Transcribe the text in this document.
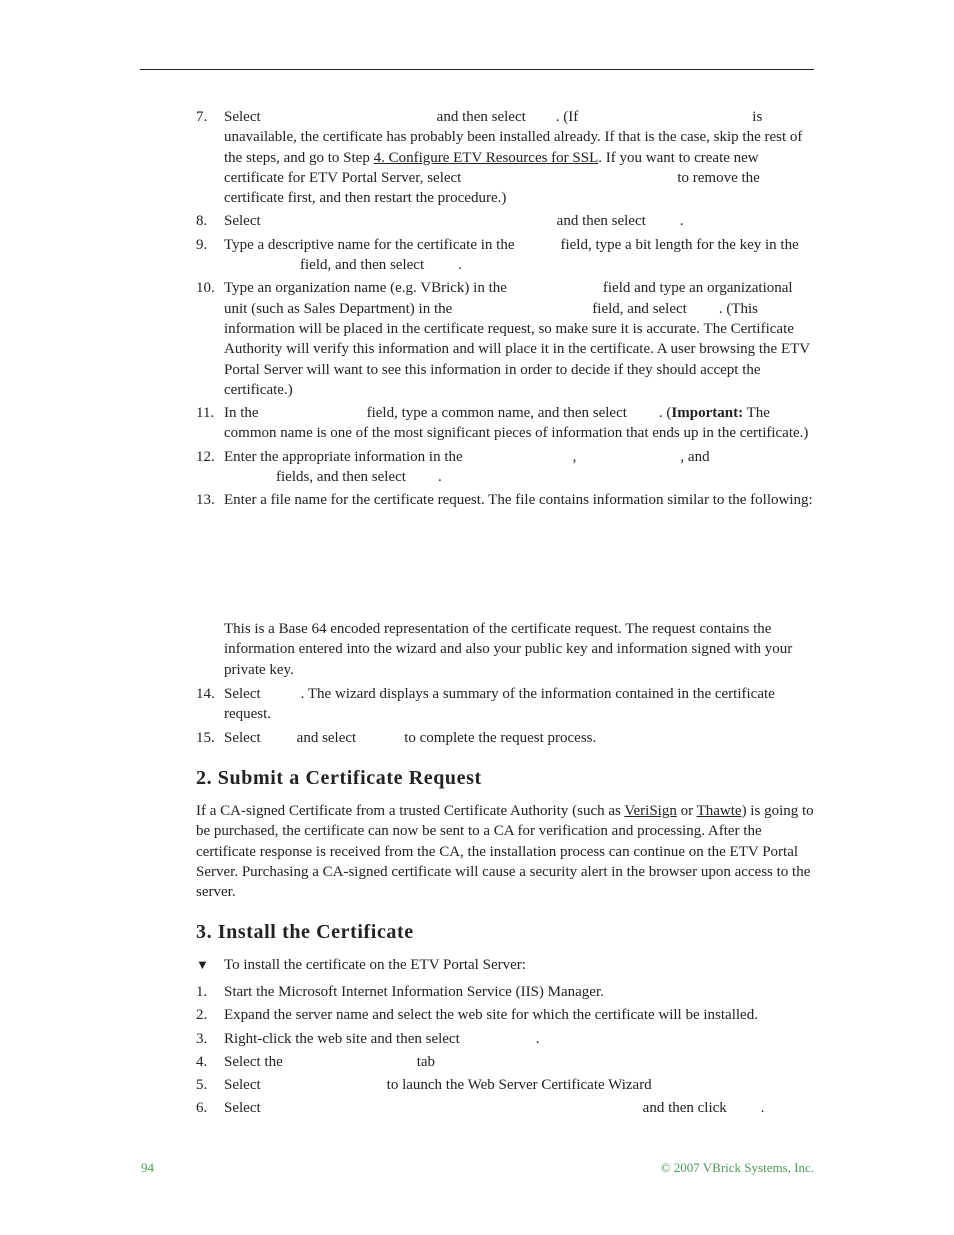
7. Select	and then select . (If	is unavailable, the certificate has probably been installed already. If that is the case, skip the rest of the steps, and go to Step 4. Configure ETV Resources for SSL. If you want to create new certificate for ETV Portal Server, select	to remove the certificate first, and then restart the procedure.)
8. Select	and then select .
9. Type a descriptive name for the certificate in the	field, type a bit length for the key in thefield, and then select .
10. Type an organization name (e.g. VBrick) in the	field and type an organizational unit (such as Sales Department) in the	field, and select . (This information will be placed in the certificate request, so make sure it is accurate. The Certificate Authority will verify this information and will place it in the certificate. A user browsing the ETV Portal Server will want to see this information in order to decide if they should accept the certificate.)
11. In the	field, type a common name, and then select . (Important: The common name is one of the most significant pieces of information that ends up in the certificate.)
12. Enter the appropriate information in the	,	, and
fields, and then select .
13. Enter a file name for the certificate request. The file contains information similar to the following:

This is a Base 64 encoded representation of the certificate request. The request contains the information entered into the wizard and also your public key and information signed with your private key.

14. Select	. The wizard displays a summary of the information contained in the certificate request.
15. Select and select	to complete the request process.
2. Submit a Certificate Request

If a CA-signed Certificate from a trusted Certificate Authority (such as VeriSign or Thawte) is going to be purchased, the certificate can now be sent to a CA for verification and processing. After the certificate response is received from the CA, the installation process can continue on the ETV Portal Server. Purchasing a CA-signed certificate will cause a security alert in the browser upon access to the server.

3. Install the Certificate
▼ To install the certificate on the ETV Portal Server:
1. Start the Microsoft Internet Information Service (IIS) Manager.
2. Expand the server name and select the web site for which the certificate will be installed.
3. Right-click the web site and then select	.
4. Select the	tab
5. Select	to launch the Web Server Certificate Wizard
6. Select	and then click .
94	© 2007 VBrick Systems, Inc.
